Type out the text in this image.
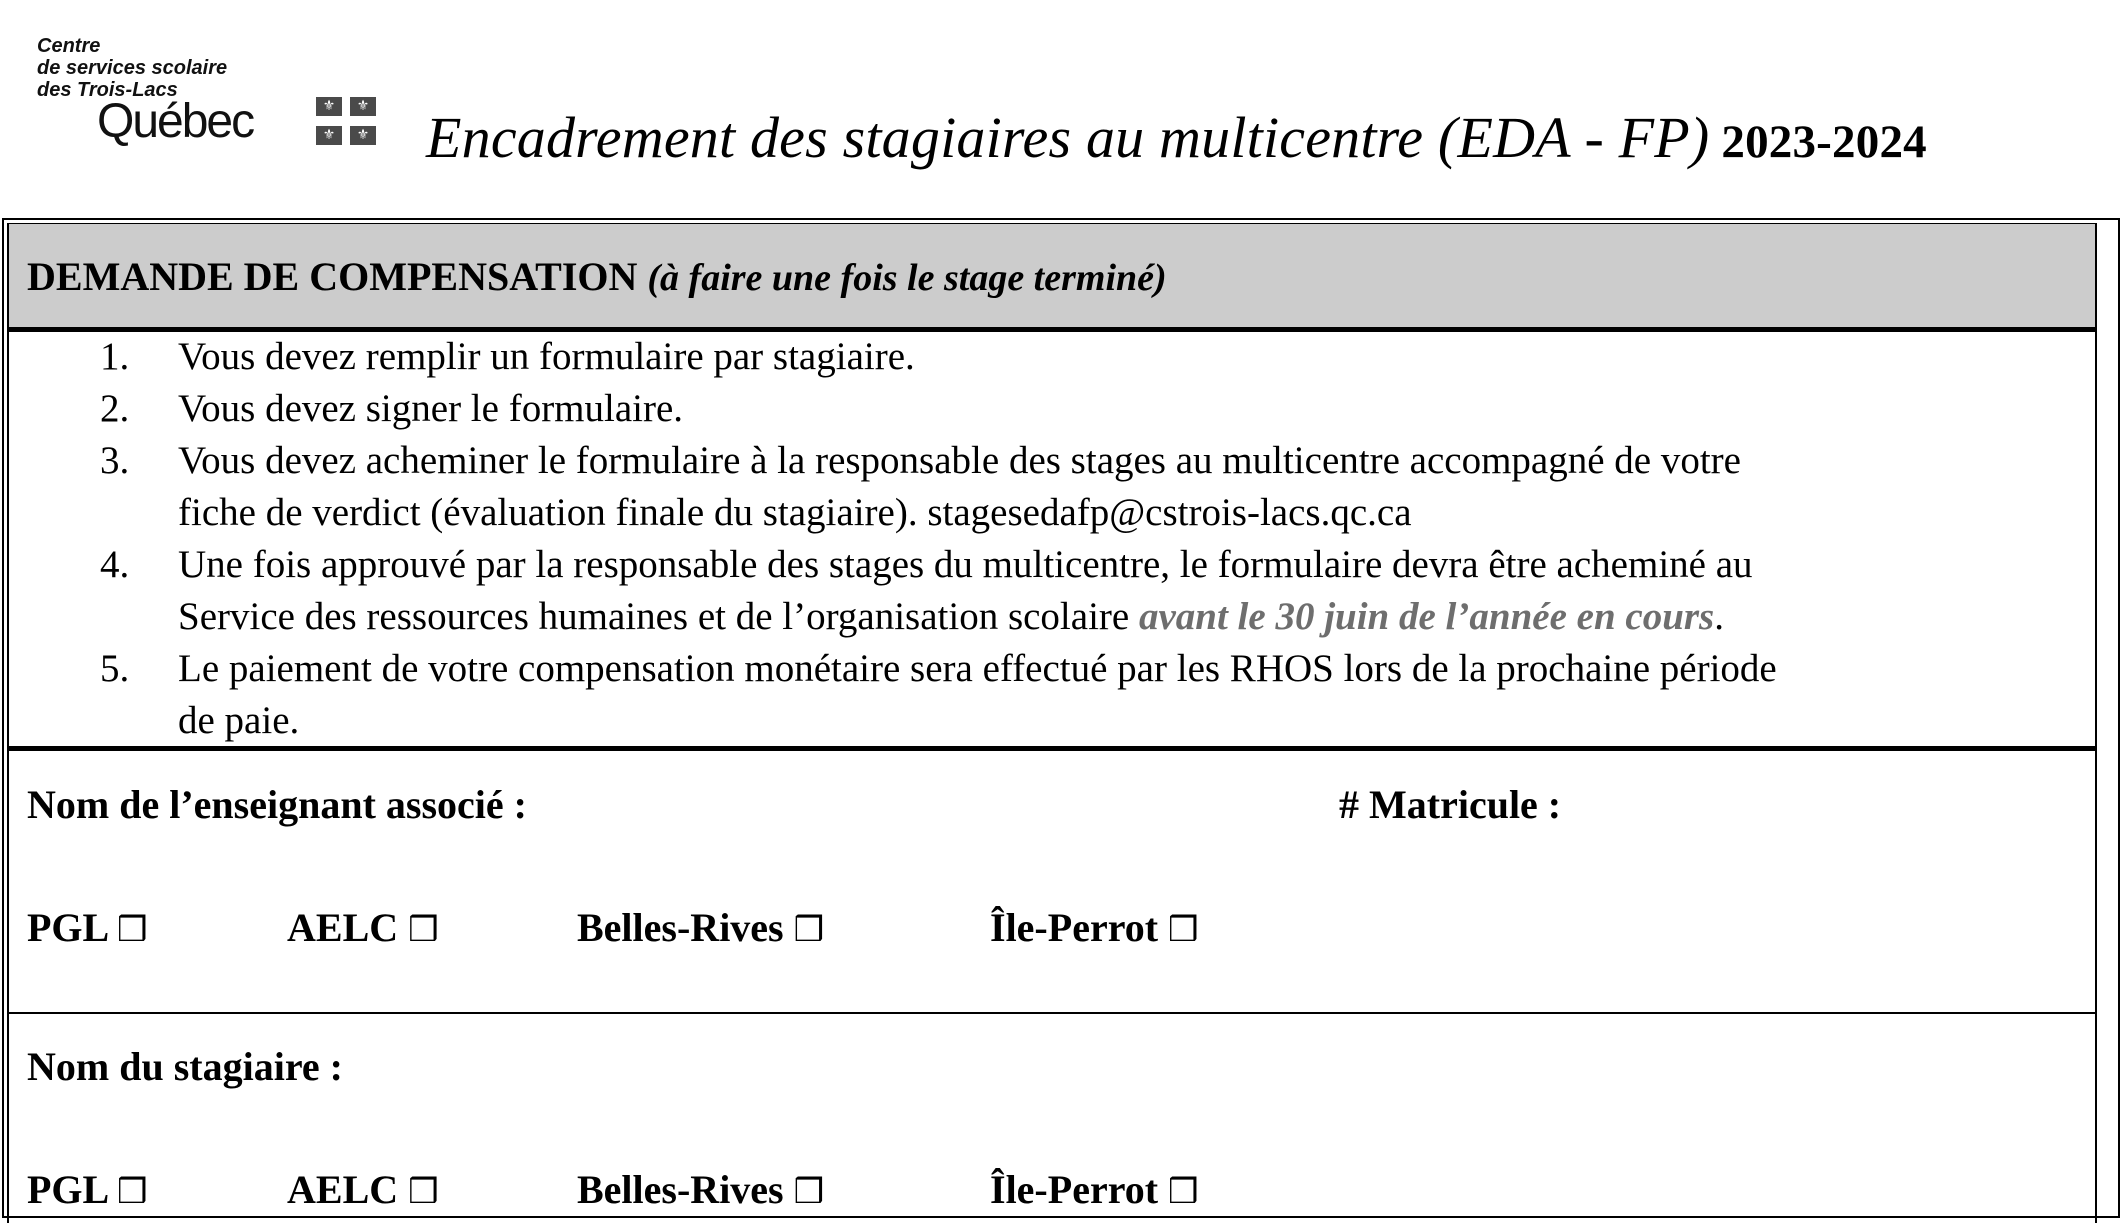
Centre
de services scolaire
des Trois-Lacs
Québec	⚜	⚜
⚜	⚜ Encadrement des stagiaires au multicentre (EDA - FP) 2023-2024
DEMANDE DE COMPENSATION (à faire une fois le stage terminé)
1. Vous devez remplir un formulaire par stagiaire.
2. Vous devez signer le formulaire.
3. Vous devez acheminer le formulaire à la responsable des stages au multicentre accompagné de votre
fiche de verdict (évaluation finale du stagiaire). stagesedafp@cstrois-lacs.qc.ca
4. Une fois approuvé par la responsable des stages du multicentre, le formulaire devra être acheminé au
Service des ressources humaines et de l’organisation scolaire avant le 30 juin de l’année en cours.
5. Le paiement de votre compensation monétaire sera effectué par les RHOS lors de la prochaine période
de paie.
Nom de l’enseignant associé :	# Matricule :
PGL ❒	AELC ❒	Belles-Rives ❒	Île-Perrot ❒
Nom du stagiaire :
PGL ❒	AELC ❒	Belles-Rives ❒	Île-Perrot ❒
